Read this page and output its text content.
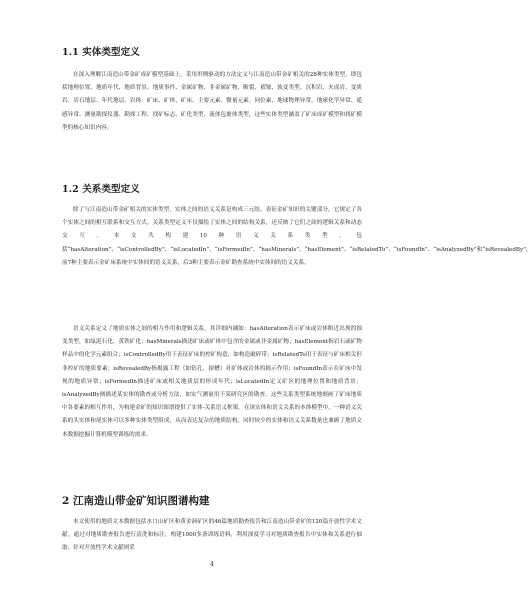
1.1 实体类型定义

在深入理解江南造山带金矿成矿模型基础上，采用用例驱动的方法定义与江南造山带金矿相关的28种实体类型，即包括地理位置、地质年代、地质背景、地质事件、金属矿物、非金属矿物、断裂、褶皱、蚀变类型、沉积岩、火成岩、变质岩、岩石地层、年代地层、岩体、矿床、矿体、矿床、主要元素、微量元素、同位素、地球物理异常、地球化学异常、遥感异常、测量勘探仪器、勘探工程、找矿标志、矿化类型、流体包裹体类型，这些实体类型涵盖了矿床成矿模型和找矿模型的核心知识内容。

1.2 关系类型定义

除了与江南造山带金矿相关的实体类型，实体之间的语义关系是构成三元组、表征金矿知识的关键部分，它规定了各个实体之间的相互联系和交互方式。关系类型定义不仅描绘了实体之间的结构关系，还反映了它们之间的逻辑关系和动态交互。本文共构建10种语义关系类型，包括“hasAlteration”、“isControlledBy”、“isLocatedIn”、“isFormedIn”、“hasMinerals”、“hasElement”、“isRelatedTo”、“isFoundIn”、“isAnalyzedBy”和“isRevealedBy”，前7种主要表示金矿床系统中实体间的语义关系，后3种主要表示金矿勘查系统中实体间的语义关系。

语义关系定义了地质实体之间的相互作用和逻辑关系，其详细内涵如：hasAlteration表示矿床或岩体附近出现的蚀变类型，如绿泥石化、黄铁矿化；hasMinerals描述矿床或矿体中包含的金属或非金属矿物；hasElement指岩石或矿物样品中的化学元素组合；isControlledBy用于表征矿床的控矿构造，如构造破碎带；isRelatedTo用于表征与矿床相关但非控矿的地质要素；isRevealedBy指揭露工程（如钻孔、探槽）对矿体或岩体的揭示作用；isFoundIn表示在矿床中发现的地质异常；isFormedIn描述矿床或相关地质层的形成年代；isLocatedIn定义矿区的地理位置和地质背景；isAnalyzedBy阐描述某实体的勘查或分析方法，如实气测量用于某研究区的勘查。这些关系类型系统地刻画了矿床地质中各要素的相互作用，为构建金矿的知识图谱提供了实体-关系语义框架。在该实体和语义关系的本体模型中，一种语义关系的头实体和尾实体可以多种实体类型组成，从而表达复杂的地质结构，同时较少的实体和语义关系数量也兼顾了地质文本数据挖掘计算机模型训练的需求。

2 江南造山带金矿知识图谱构建

本文使用的地质文本数据包括水口山矿区和黄金洞矿区的46篇地质勘查报告和江南造山带金矿的120篇开放性学术文献。通过对地质勘查报告进行清洗和标注，构建1000多条训练语料，利用深度学习对地质勘查报告中实体和关系进行抽取；针对开放性学术文献则采

4
